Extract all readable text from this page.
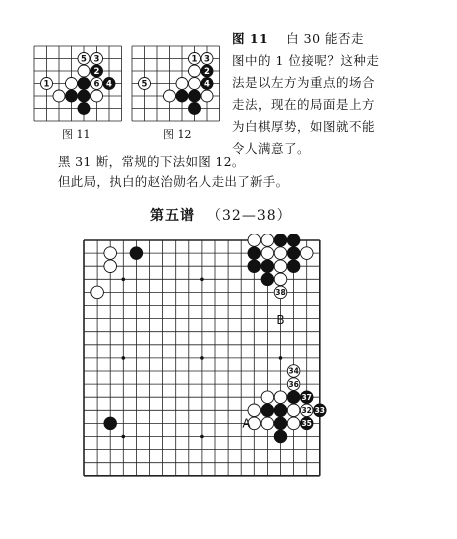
5 3
2
4
1	6
图 11
1 3
2
5	4
图 12
图 11 白 30 能否走
图中的 1 位接呢？这种走
法是以左方为重点的场合
走法，现在的局面是上方
为白棋厚势，如图就不能
令人满意了。
黑 31 断，常规的下法如图 12。
但此局，执白的赵治勋名人走出了新手。
第五谱 （32—38）
38
34
36
37
32 33
35
A
B
